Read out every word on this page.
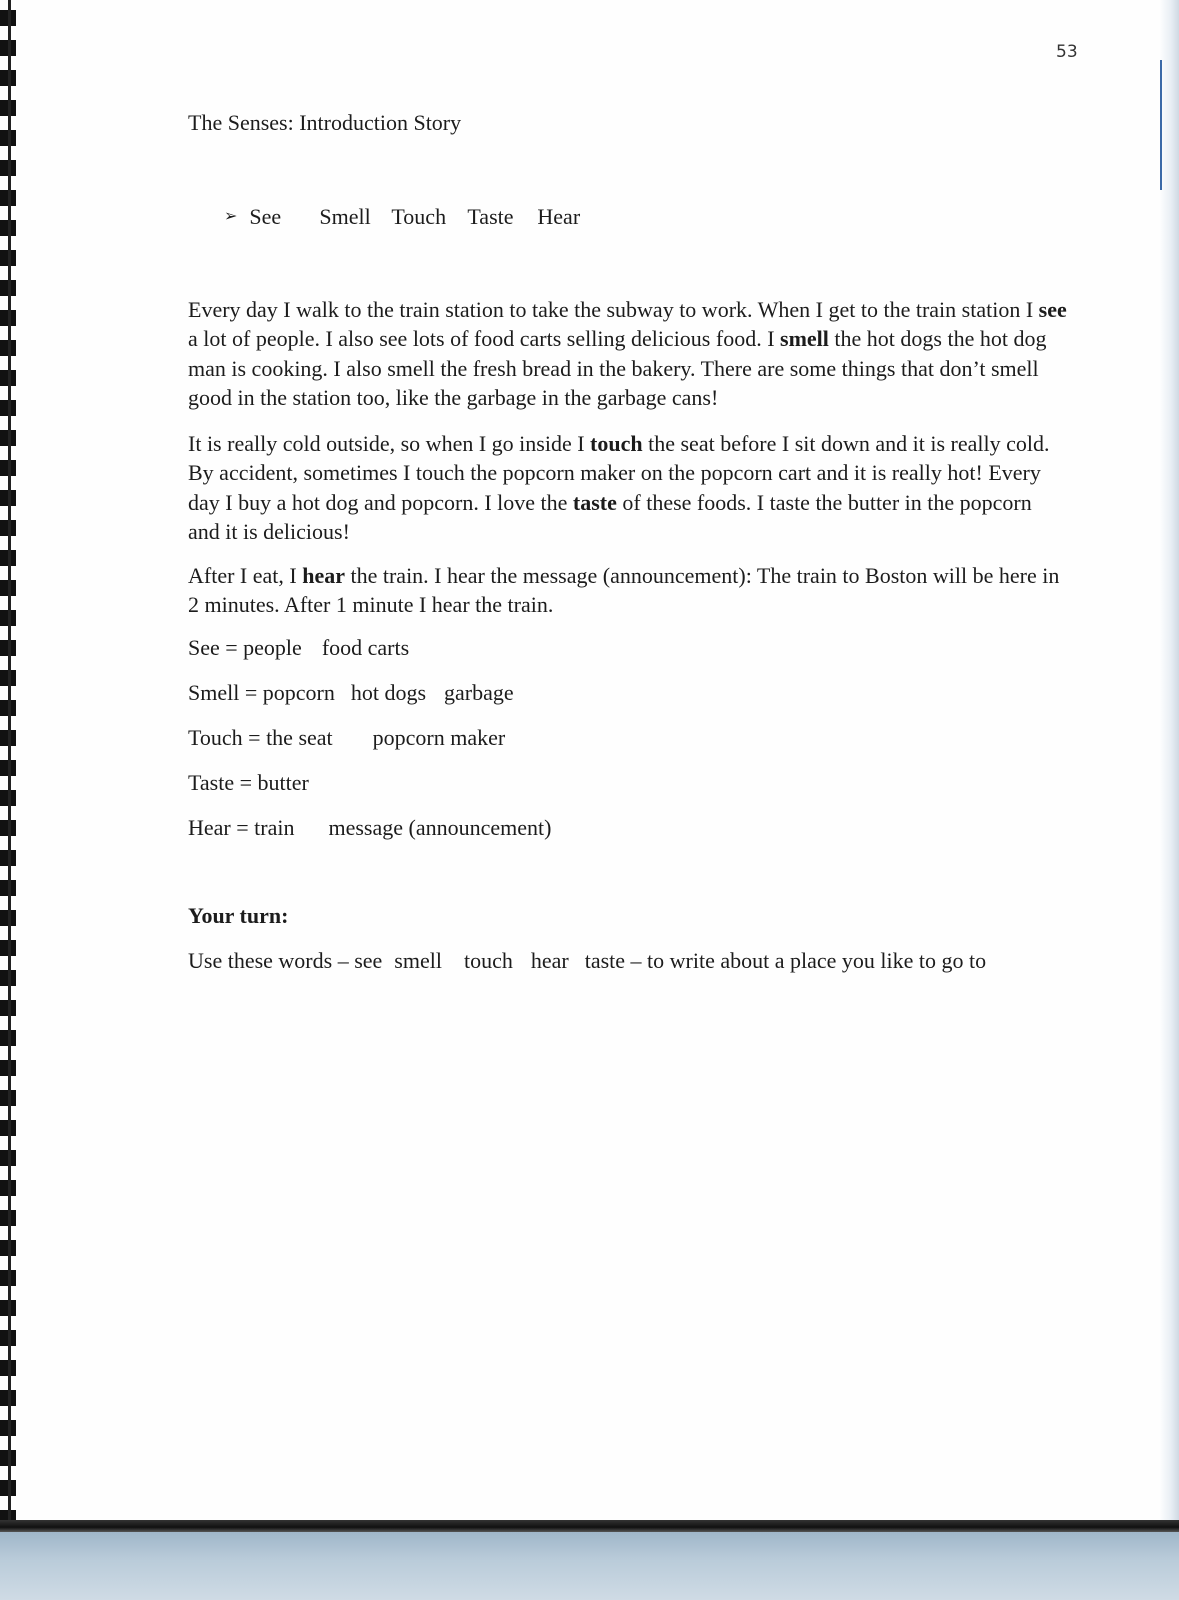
53
The Senses: Introduction Story
➢ See Smell Touch Taste Hear

Every day I walk to the train station to take the subway to work. When I get to the train station I see a lot of people. I also see lots of food carts selling delicious food. I smell the hot dogs the hot dog man is cooking. I also smell the fresh bread in the bakery. There are some things that don’t smell good in the station too, like the garbage in the garbage cans!

It is really cold outside, so when I go inside I touch the seat before I sit down and it is really cold. By accident, sometimes I touch the popcorn maker on the popcorn cart and it is really hot! Every day I buy a hot dog and popcorn. I love the taste of these foods. I taste the butter in the popcorn and it is delicious!

After I eat, I hear the train. I hear the message (announcement): The train to Boston will be here in 2 minutes. After 1 minute I hear the train.

See = people food carts
Smell = popcorn hot dogs garbage
Touch = the seat popcorn maker
Taste = butter
Hear = train message (announcement)
Your turn:
Use these words – see smell touch hear taste – to write about a place you like to go to
